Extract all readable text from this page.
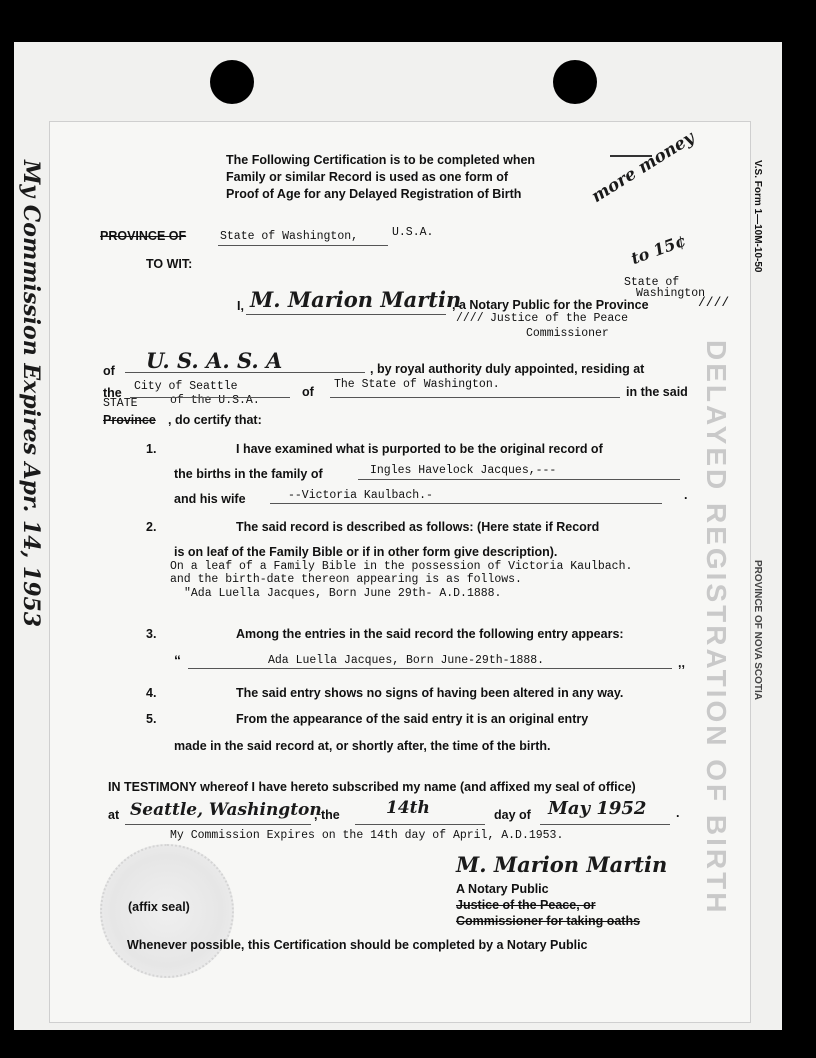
My Commission Expires Apr. 14, 1953	DELAYED REGISTRATION OF BIRTH PROVINCE OF NOVA SCOTIA
V.S. Form 1—10M-10-50
The Following Certification is to be completed when
Family or similar Record is used as one form of
Proof of Age for any Delayed Registration of Birth	more money
to 15¢
PROVINCE OF	State of Washington,	U.S.A.
TO WIT:
State of
Washington
I, M. Marion Martin
, a Notary Public for the Province	////
//// Justice of the Peace
Commissioner
of U. S. A. S. A	, by royal authority duly appointed, residing at
the City of Seattle
STATE	of the U.S.A.
of
The State of Washington.
in the said
Province , do certify that:
1.	I have examined what is purported to be the original record of
the births in the family of	Ingles Havelock Jacques,---
and his wife	--Victoria Kaulbach.-	.
2.	The said record is described as follows: (Here state if Record
is on leaf of the Family Bible or if in other form give description).
On a leaf of a Family Bible in the possession of Victoria Kaulbach.
and the birth-date thereon appearing is as follows.
"Ada Luella Jacques, Born June 29th- A.D.1888.
3.	Among the entries in the said record the following entry appears:
“	Ada Luella Jacques, Born June-29th-1888.	,,
4.	The said entry shows no signs of having been altered in any way.
5.	From the appearance of the said entry it is an original entry
made in the said record at, or shortly after, the time of the birth.
IN TESTIMONY whereof I have hereto subscribed my name (and affixed my seal of office)
at Seattle, Washington
, the	14th	day of May 1952 .
My Commission Expires on the 14th day of April, A.D.1953.
(affix seal)
M. Marion Martin
A Notary Public
Justice of the Peace, or
Commissioner for taking oaths
Whenever possible, this Certification should be completed by a Notary Public
